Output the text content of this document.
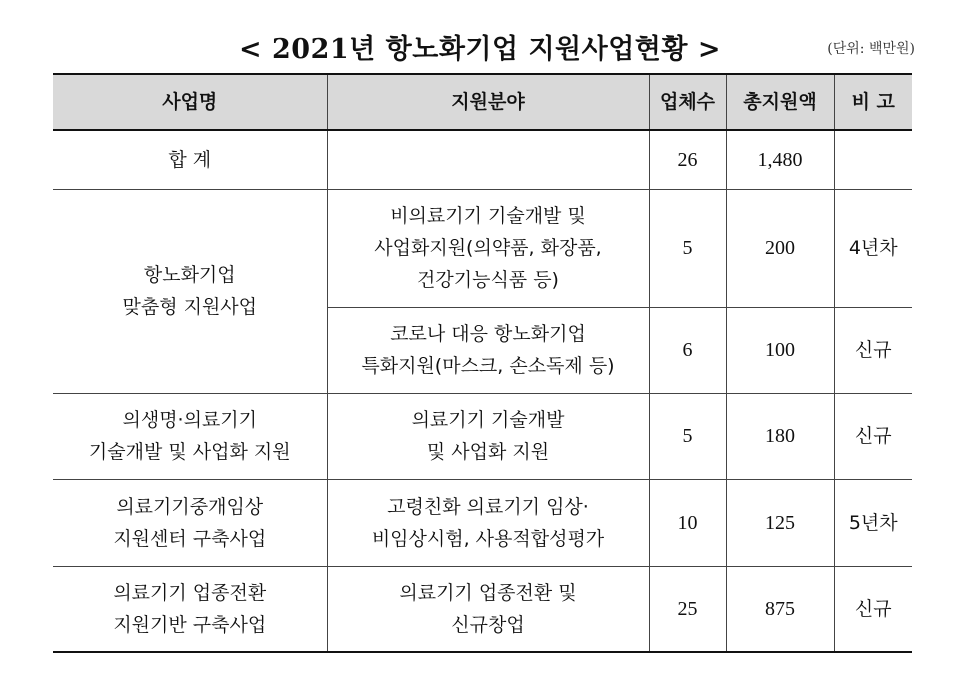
< 2021년 항노화기업 지원사업현황 >	(단위: 백만원)
사업명	지원분야	업체수	총지원액	비 고
합 계		26	1,480	

항노화기업
맞춤형 지원사업	비의료기기 기술개발 및
사업화지원(의약품, 화장품,
건강기능식품 등)	5	200	4년차

	코로나 대응 항노화기업
특화지원(마스크, 손소독제 등)	6	100	신규

의생명·의료기기
기술개발 및 사업화 지원	의료기기 기술개발
및 사업화 지원	5	180	신규

의료기기중개임상
지원센터 구축사업	고령친화 의료기기 임상·
비임상시험, 사용적합성평가	10	125	5년차

의료기기 업종전환
지원기반 구축사업	의료기기 업종전환 및
신규창업	25	875	신규
